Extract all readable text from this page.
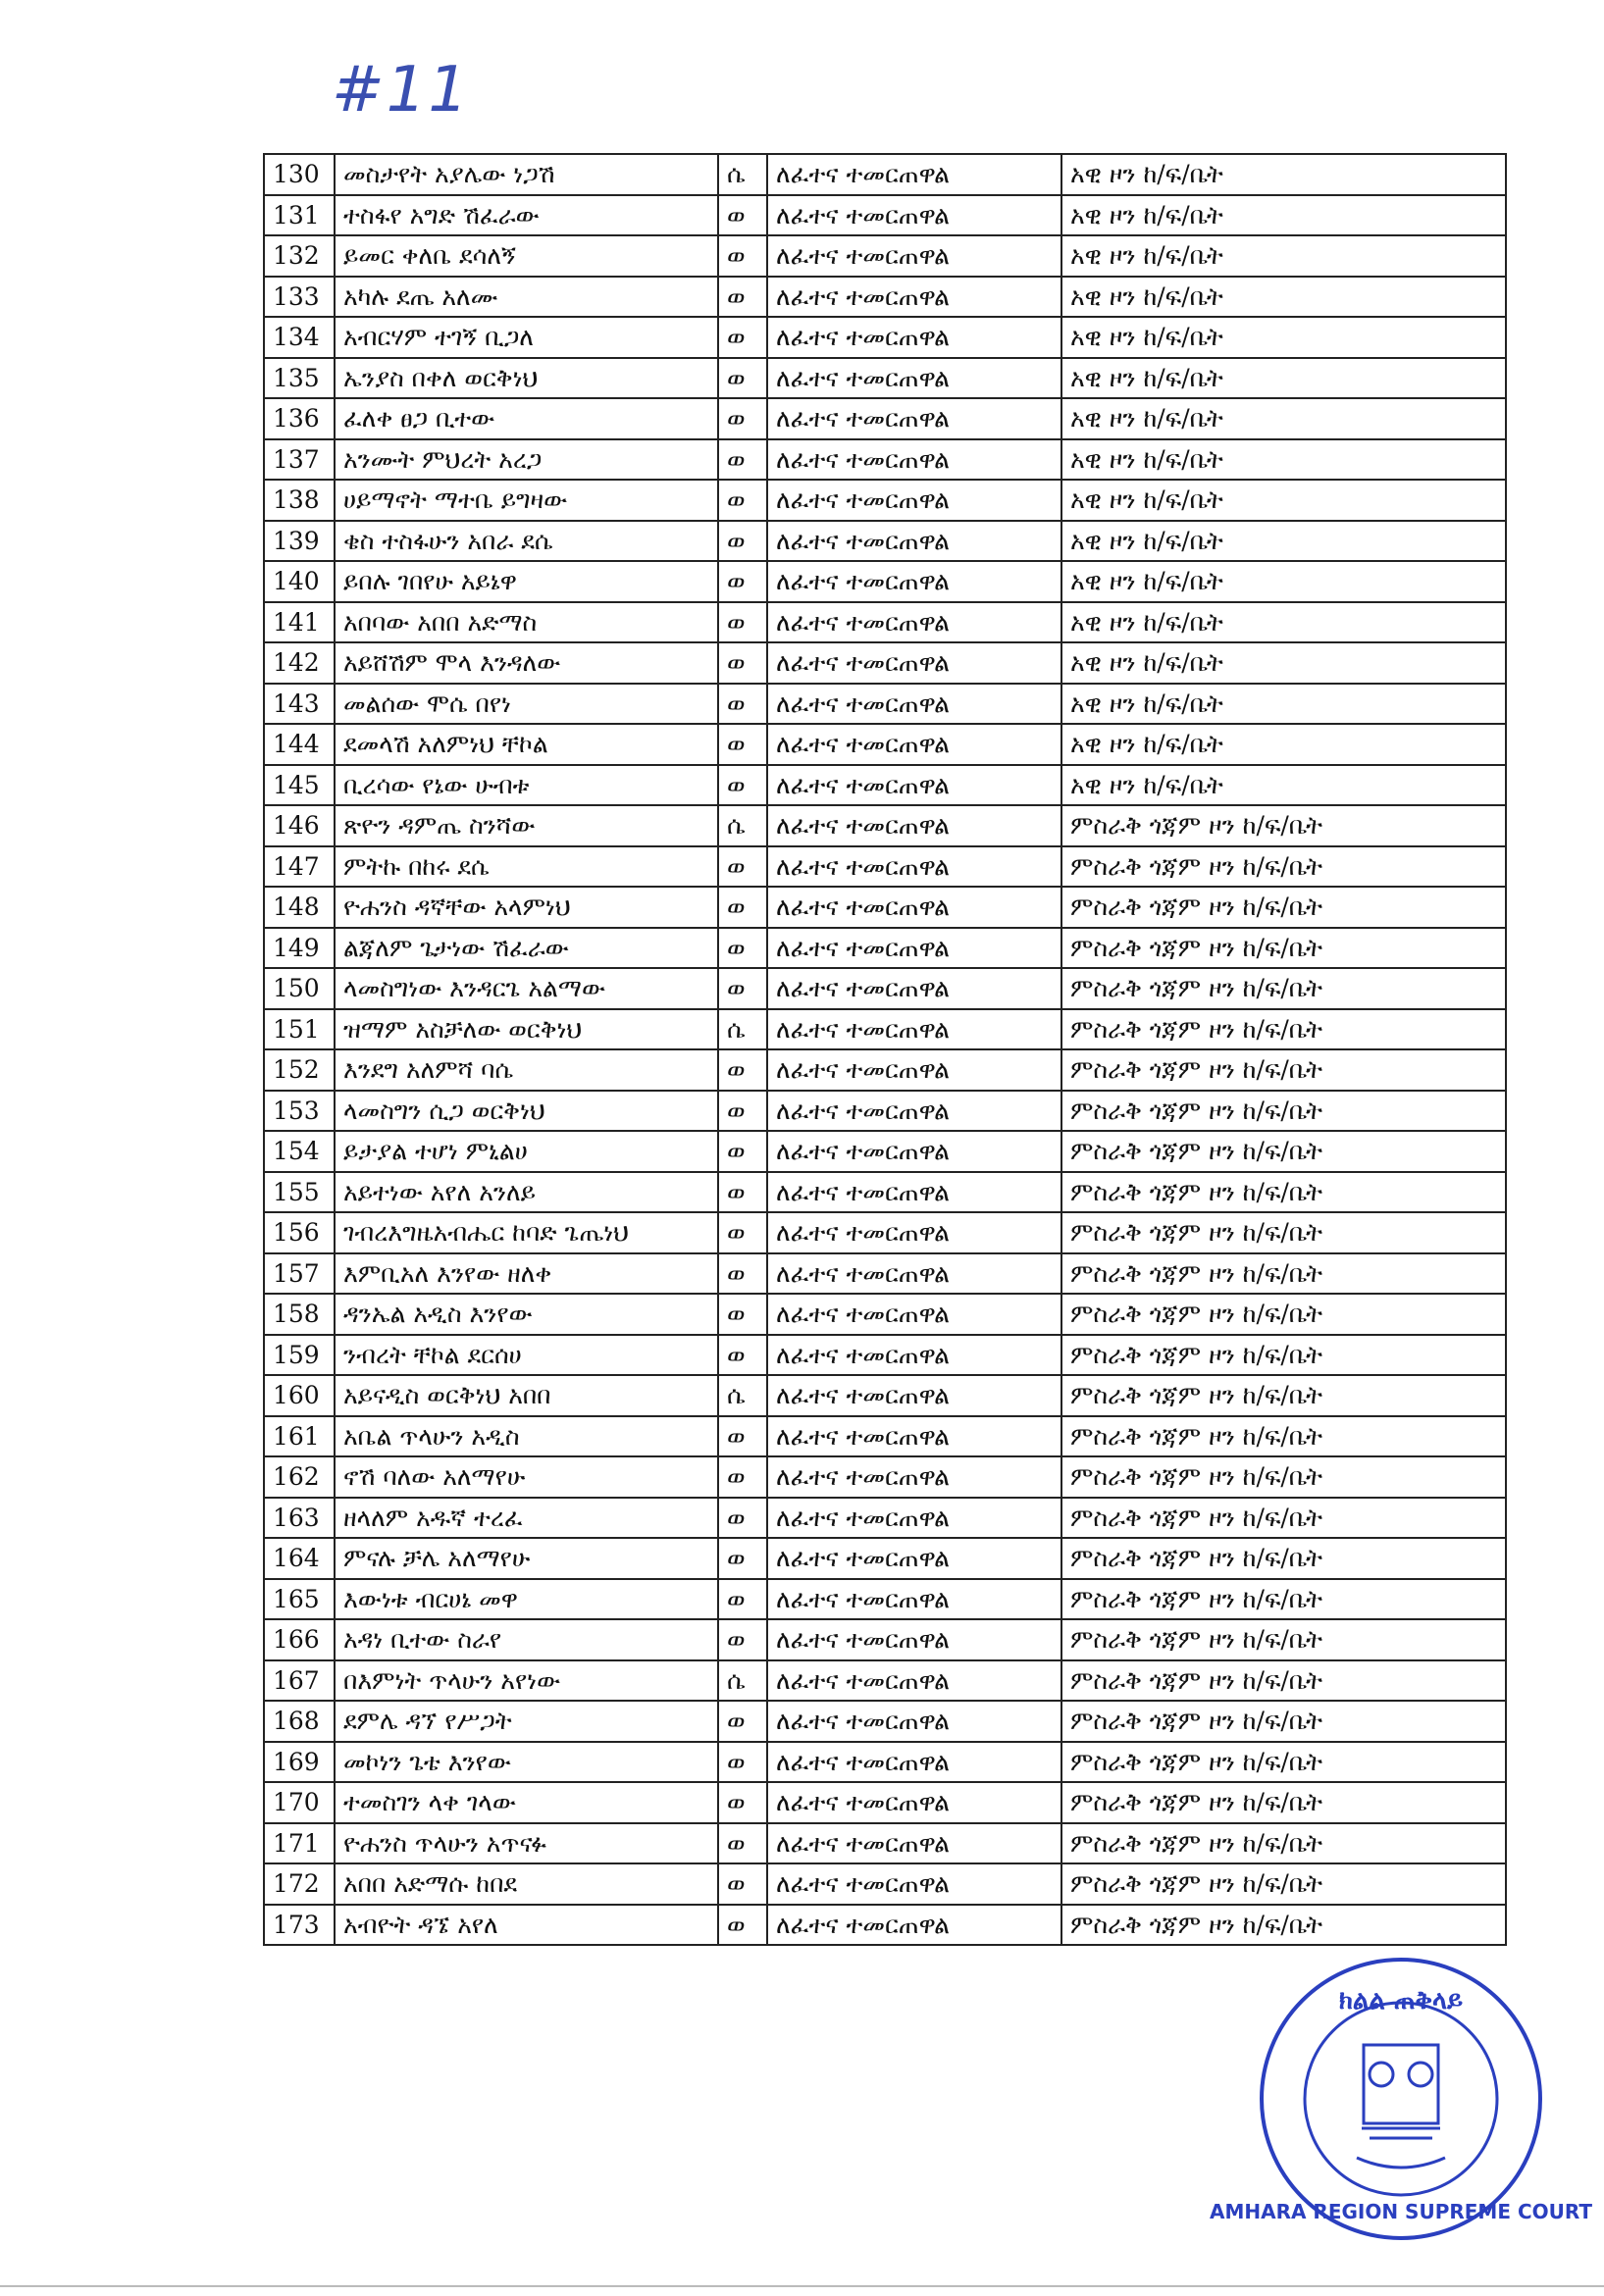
#11
130	መስታየት አያሌው ነጋሽ	ሴ	ለፈተና ተመርጠዋል	አዊ ዞን ከ/ፍ/ቤት
131	ተስፋየ አግድ ሽፈራው	ወ	ለፈተና ተመርጠዋል	አዊ ዞን ከ/ፍ/ቤት
132	ይመር ቀለቤ ደሳለኝ	ወ	ለፈተና ተመርጠዋል	አዊ ዞን ከ/ፍ/ቤት
133	አካሉ ደጤ አለሙ	ወ	ለፈተና ተመርጠዋል	አዊ ዞን ከ/ፍ/ቤት
134	አብርሃም ተገኝ ቢጋለ	ወ	ለፈተና ተመርጠዋል	አዊ ዞን ከ/ፍ/ቤት
135	ኤንያስ በቀለ ወርቅነህ	ወ	ለፈተና ተመርጠዋል	አዊ ዞን ከ/ፍ/ቤት
136	ፈለቀ ፀጋ ቢተው	ወ	ለፈተና ተመርጠዋል	አዊ ዞን ከ/ፍ/ቤት
137	አንሙት ምህረት አረጋ	ወ	ለፈተና ተመርጠዋል	አዊ ዞን ከ/ፍ/ቤት
138	ሀይማኖት ማተቤ ይግዛው	ወ	ለፈተና ተመርጠዋል	አዊ ዞን ከ/ፍ/ቤት
139	ቄስ ተስፋሁን አበራ ደሴ	ወ	ለፈተና ተመርጠዋል	አዊ ዞን ከ/ፍ/ቤት
140	ይበሉ ገበየሁ አይኔዋ	ወ	ለፈተና ተመርጠዋል	አዊ ዞን ከ/ፍ/ቤት
141	አበባው አበበ አድማስ	ወ	ለፈተና ተመርጠዋል	አዊ ዞን ከ/ፍ/ቤት
142	አይሸሽም ሞላ እንዳለው	ወ	ለፈተና ተመርጠዋል	አዊ ዞን ከ/ፍ/ቤት
143	መልሰው ሞሴ በየነ	ወ	ለፈተና ተመርጠዋል	አዊ ዞን ከ/ፍ/ቤት
144	ደመላሽ አለምነህ ቸኮል	ወ	ለፈተና ተመርጠዋል	አዊ ዞን ከ/ፍ/ቤት
145	ቢረሳው የኔው ሁብቱ	ወ	ለፈተና ተመርጠዋል	አዊ ዞን ከ/ፍ/ቤት
146	ጽዮን ዳምጤ ስንሻው	ሴ	ለፈተና ተመርጠዋል	ምስራቅ ጎጃም ዞን ከ/ፍ/ቤት
147	ምትኩ በከሩ ደሴ	ወ	ለፈተና ተመርጠዋል	ምስራቅ ጎጃም ዞን ከ/ፍ/ቤት
148	ዮሐንስ ዳኛቸው አላምነህ	ወ	ለፈተና ተመርጠዋል	ምስራቅ ጎጃም ዞን ከ/ፍ/ቤት
149	ልጃለም ጌታነው ሽፈራው	ወ	ለፈተና ተመርጠዋል	ምስራቅ ጎጃም ዞን ከ/ፍ/ቤት
150	ላመስግነው እንዳርጌ አልማው	ወ	ለፈተና ተመርጠዋል	ምስራቅ ጎጃም ዞን ከ/ፍ/ቤት
151	ዝማም አስቻለው ወርቅነህ	ሴ	ለፈተና ተመርጠዋል	ምስራቅ ጎጃም ዞን ከ/ፍ/ቤት
152	እንደግ አለምሻ ባሴ	ወ	ለፈተና ተመርጠዋል	ምስራቅ ጎጃም ዞን ከ/ፍ/ቤት
153	ላመስግን ሲጋ ወርቅነህ	ወ	ለፈተና ተመርጠዋል	ምስራቅ ጎጃም ዞን ከ/ፍ/ቤት
154	ይታያል ተሆነ ምኒልሀ	ወ	ለፈተና ተመርጠዋል	ምስራቅ ጎጃም ዞን ከ/ፍ/ቤት
155	አይተነው አየለ አንለይ	ወ	ለፈተና ተመርጠዋል	ምስራቅ ጎጃም ዞን ከ/ፍ/ቤት
156	ገብረእግዜአብሔር ከባድ ጌጤነህ	ወ	ለፈተና ተመርጠዋል	ምስራቅ ጎጃም ዞን ከ/ፍ/ቤት
157	እምቢአለ እንየው ዘለቀ	ወ	ለፈተና ተመርጠዋል	ምስራቅ ጎጃም ዞን ከ/ፍ/ቤት
158	ዳንኤል አዲስ እንየው	ወ	ለፈተና ተመርጠዋል	ምስራቅ ጎጃም ዞን ከ/ፍ/ቤት
159	ንብረት ቸኮል ደርሰሀ	ወ	ለፈተና ተመርጠዋል	ምስራቅ ጎጃም ዞን ከ/ፍ/ቤት
160	አይናዲስ ወርቅነህ አበበ	ሴ	ለፈተና ተመርጠዋል	ምስራቅ ጎጃም ዞን ከ/ፍ/ቤት
161	አቤል ጥላሁን አዲስ	ወ	ለፈተና ተመርጠዋል	ምስራቅ ጎጃም ዞን ከ/ፍ/ቤት
162	ኖሽ ባለው አለማየሁ	ወ	ለፈተና ተመርጠዋል	ምስራቅ ጎጃም ዞን ከ/ፍ/ቤት
163	ዘላለም አዱኛ ተረፈ	ወ	ለፈተና ተመርጠዋል	ምስራቅ ጎጃም ዞን ከ/ፍ/ቤት
164	ምናሉ ቻሌ አለማየሁ	ወ	ለፈተና ተመርጠዋል	ምስራቅ ጎጃም ዞን ከ/ፍ/ቤት
165	እውነቱ ብርሀኔ መዋ	ወ	ለፈተና ተመርጠዋል	ምስራቅ ጎጃም ዞን ከ/ፍ/ቤት
166	አዳነ ቢተው ስራየ	ወ	ለፈተና ተመርጠዋል	ምስራቅ ጎጃም ዞን ከ/ፍ/ቤት
167	በእምነት ጥላሁን አየነው	ሴ	ለፈተና ተመርጠዋል	ምስራቅ ጎጃም ዞን ከ/ፍ/ቤት
168	ደምሌ ዳኘ የሥጋት	ወ	ለፈተና ተመርጠዋል	ምስራቅ ጎጃም ዞን ከ/ፍ/ቤት
169	መኮነን ጌቴ እንየው	ወ	ለፈተና ተመርጠዋል	ምስራቅ ጎጃም ዞን ከ/ፍ/ቤት
170	ተመስገን ላቀ ገላው	ወ	ለፈተና ተመርጠዋል	ምስራቅ ጎጃም ዞን ከ/ፍ/ቤት
171	ዮሐንስ ጥላሁን አጥናፉ	ወ	ለፈተና ተመርጠዋል	ምስራቅ ጎጃም ዞን ከ/ፍ/ቤት
172	አበበ አድማሱ ከበደ	ወ	ለፈተና ተመርጠዋል	ምስራቅ ጎጃም ዞን ከ/ፍ/ቤት
173	አብዮት ዳኜ አየለ	ወ	ለፈተና ተመርጠዋል	ምስራቅ ጎጃም ዞን ከ/ፍ/ቤት
ክልል ጠቅላይ
AMHARA REGION SUPREME COURT
